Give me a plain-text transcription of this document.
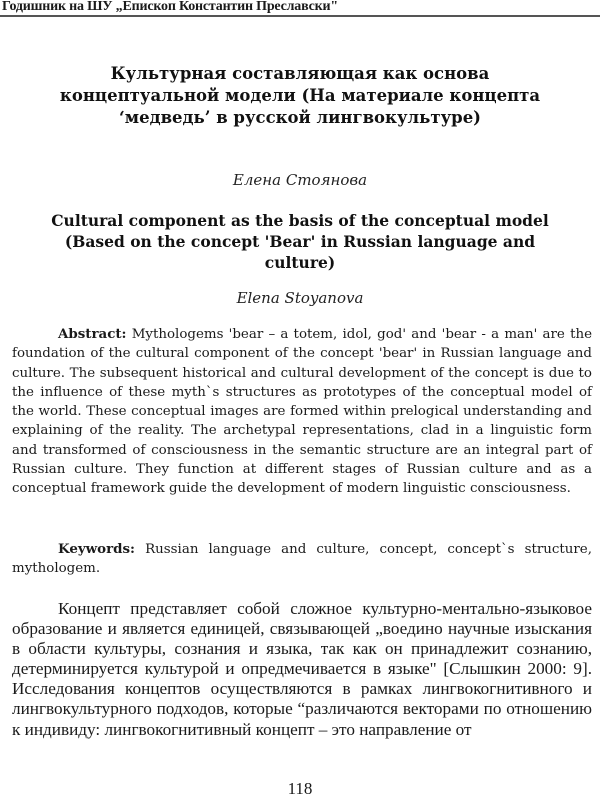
Годишник на ШУ „Епископ Константин Преславски"
Культурная составляющая как основа концептуальной модели (На материале концепта ‘медведь’ в русской лингвокультуре)
Елена Стоянова
Cultural component as the basis of the conceptual model (Based on the concept 'Bear' in Russian language and culture)
Elena Stoyanova

Abstract: Mythologems 'bear – a totem, idol, god' and 'bear - a man' are the foundation of the cultural component of the concept 'bear' in Russian language and culture. The subsequent historical and cultural development of the concept is due to the influence of these myth`s structures as prototypes of the conceptual model of the world. These conceptual images are formed within prelogical understanding and explaining of the reality. The archetypal representations, clad in a linguistic form and transformed of consciousness in the semantic structure are an integral part of Russian culture. They function at different stages of Russian culture and as a conceptual framework guide the development of modern linguistic consciousness.

Keywords: Russian language and culture, concept, concept`s structure, mythologem.

Концепт представляет собой сложное культурно-ментально-языковое образование и является единицей, связывающей „воедино научные изыскания в области культуры, сознания и языка, так как он принадлежит сознанию, детерминируется культурой и опредмечивается в языке" [Слышкин 2000: 9]. Исследования концептов осуществляются в рамках лингвокогнитивного и лингвокультурного подходов, которые “различаются векторами по отношению к индивиду: лингвокогнитивный концепт – это направление от

118
